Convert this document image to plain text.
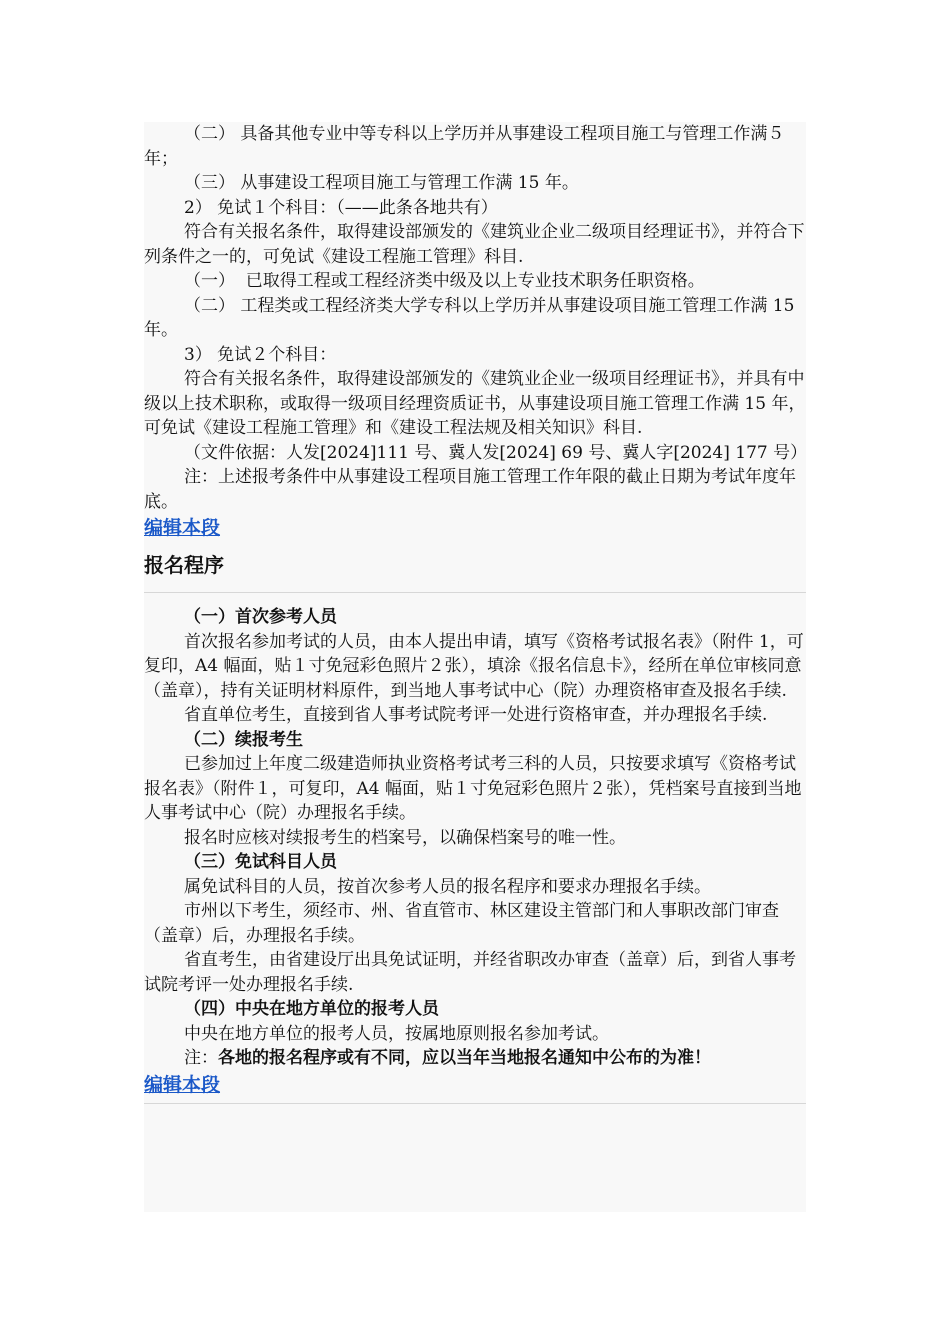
（二） 具备其他专业中等专科以上学历并从事建设工程项目施工与管理工作满５年；

（三） 从事建设工程项目施工与管理工作满 15 年。

2） 免试１个科目：（——此条各地共有）

符合有关报名条件，取得建设部颁发的《建筑业企业二级项目经理证书》，并符合下列条件之一的，可免试《建设工程施工管理》科目.

（一）  已取得工程或工程经济类中级及以上专业技术职务任职资格。

（二） 工程类或工程经济类大学专科以上学历并从事建设项目施工管理工作满 15 年。

3） 免试２个科目：

符合有关报名条件，取得建设部颁发的《建筑业企业一级项目经理证书》，并具有中级以上技术职称，或取得一级项目经理资质证书，从事建设项目施工管理工作满 15 年，可免试《建设工程施工管理》和《建设工程法规及相关知识》科目.

（文件依据：人发[2024]111 号、冀人发[2024] 69 号、冀人字[2024] 177 号）

注：上述报考条件中从事建设工程项目施工管理工作年限的截止日期为考试年度年底。

编辑本段
报名程序

（一）首次参考人员

首次报名参加考试的人员，由本人提出申请，填写《资格考试报名表》（附件 1，可复印，A4 幅面，贴１寸免冠彩色照片２张），填涂《报名信息卡》，经所在单位审核同意（盖章），持有关证明材料原件，到当地人事考试中心（院）办理资格审查及报名手续.

省直单位考生，直接到省人事考试院考评一处进行资格审查，并办理报名手续.

（二）续报考生

已参加过上年度二级建造师执业资格考试考三科的人员，只按要求填写《资格考试报名表》（附件１，可复印，A4 幅面，贴１寸免冠彩色照片２张），凭档案号直接到当地人事考试中心（院）办理报名手续。

报名时应核对续报考生的档案号，以确保档案号的唯一性。

（三）免试科目人员

属免试科目的人员，按首次参考人员的报名程序和要求办理报名手续。

市州以下考生，须经市、州、省直管市、林区建设主管部门和人事职改部门审查（盖章）后，办理报名手续。

省直考生，由省建设厅出具免试证明，并经省职改办审查（盖章）后，到省人事考试院考评一处办理报名手续.

（四）中央在地方单位的报考人员

中央在地方单位的报考人员，按属地原则报名参加考试。

注：各地的报名程序或有不同，应以当年当地报名通知中公布的为准！

编辑本段
